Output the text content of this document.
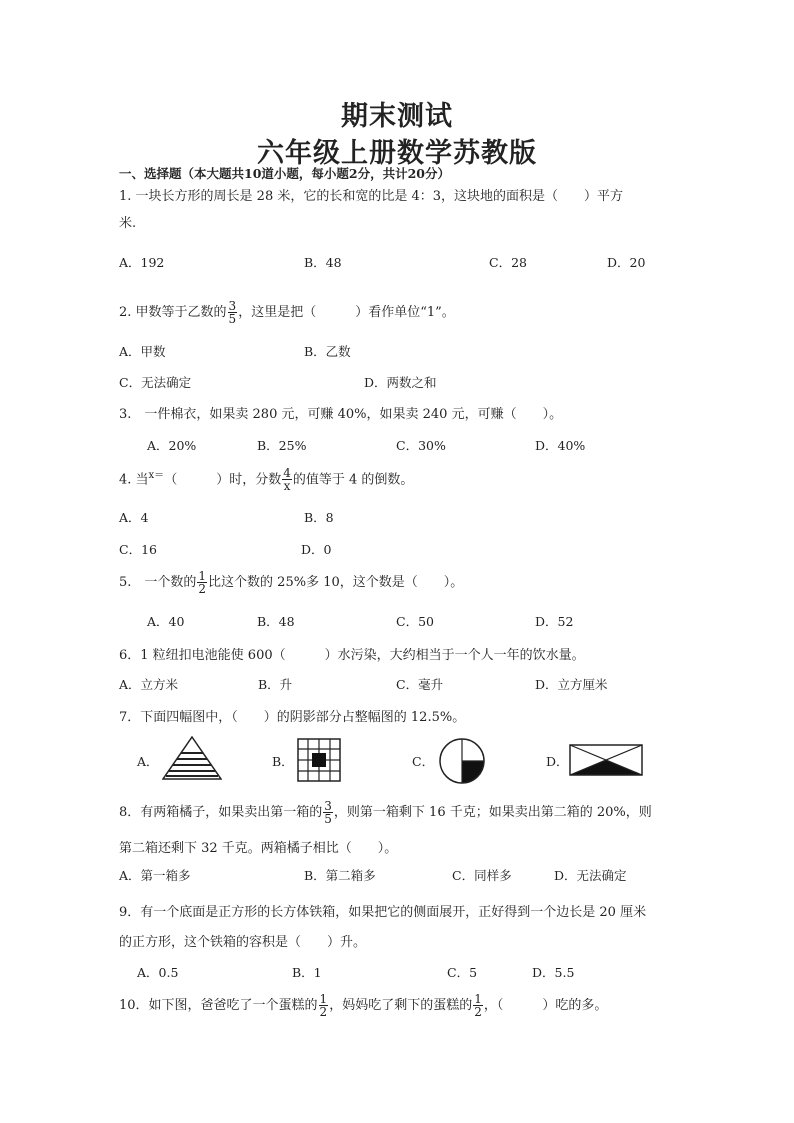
期末测试
六年级上册数学苏教版
一、选择题（本大题共10道小题，每小题2分，共计20分）
1. 一块长方形的周长是 28 米，它的长和宽的比是 4：3，这块地的面积是（　　）平方
米.
A．192	B．48	C．28	D．20
2. 甲数等于乙数的 $\frac{3}{5}$ ，这里是把（　　　）看作单位“1”。
A．甲数	B．乙数
C．无法确定	D．两数之和
3.　一件棉衣，如果卖 280 元，可赚 40%，如果卖 240 元，可赚（　　）。
A．20%	B．25%	C．30%	D．40%
4. 当$^{x=}$（　　　）时，分数 $\frac{4}{x}$ 的值等于 4 的倒数。
A．4	B．8
C．16	D．0
5.　一个数的 $\frac{1}{2}$ 比这个数的 25%多 10，这个数是（　　）。
A．40	B．48	C．50	D．52
6．1 粒纽扣电池能使 600（　　　）水污染，大约相当于一个人一年的饮水量。
A．立方米	B．升	C．毫升	D．立方厘米
7．下面四幅图中，（　　）的阴影部分占整幅图的 12.5%。
A．	B．	C．	D．
8．有两箱橘子，如果卖出第一箱的 $\frac{3}{5}$ ，则第一箱剩下 16 千克；如果卖出第二箱的 20%，则
第二箱还剩下 32 千克。两箱橘子相比（　　）。
A．第一箱多	B．第二箱多	C．同样多	D．无法确定
9．有一个底面是正方形的长方体铁箱，如果把它的侧面展开，正好得到一个边长是 20 厘米
的正方形，这个铁箱的容积是（　　）升。
A．0.5	B．1	C．5	D．5.5
10．如下图，爸爸吃了一个蛋糕的 $\frac{1}{2}$ ，妈妈吃了剩下的蛋糕的 $\frac{1}{2}$ ，（　　　）吃的多。
